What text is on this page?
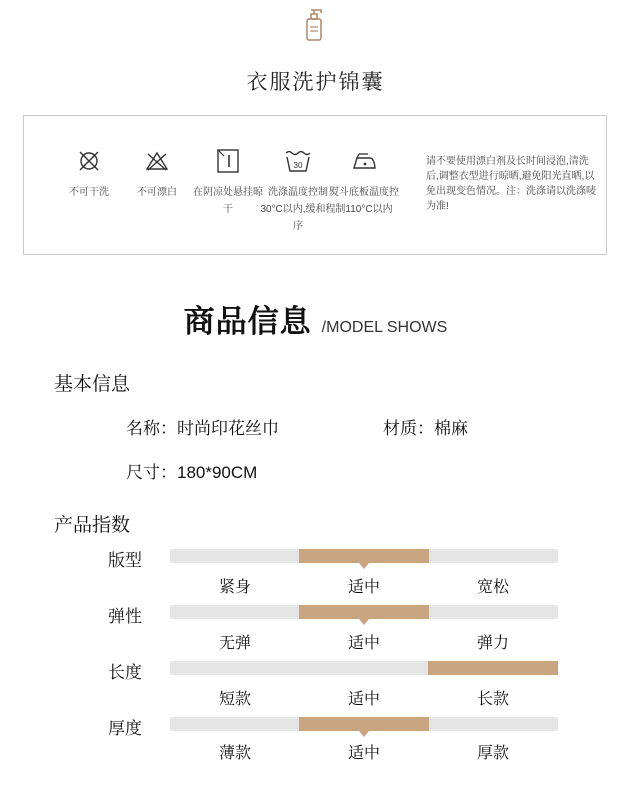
衣服洗护锦囊
不可干洗	不可漂白	在阴凉处悬挂晾干
30
洗涤温度控制30°C以内,缓和程序
熨斗底板温度控制110°C以内
请不要使用漂白剂及长时间浸泡,清洗后,调整衣型进行晾晒,避免阳光直晒,以免出现变色情况。注：洗涤请以洗涤唛为准!
商品信息 /MODEL SHOWS
基本信息
名称：时尚印花丝巾	材质：棉麻
尺寸：180*90CM
产品指数
版型
紧身	适中	宽松
弹性
无弹	适中	弹力
长度
短款	适中	长款
厚度
薄款	适中	厚款
